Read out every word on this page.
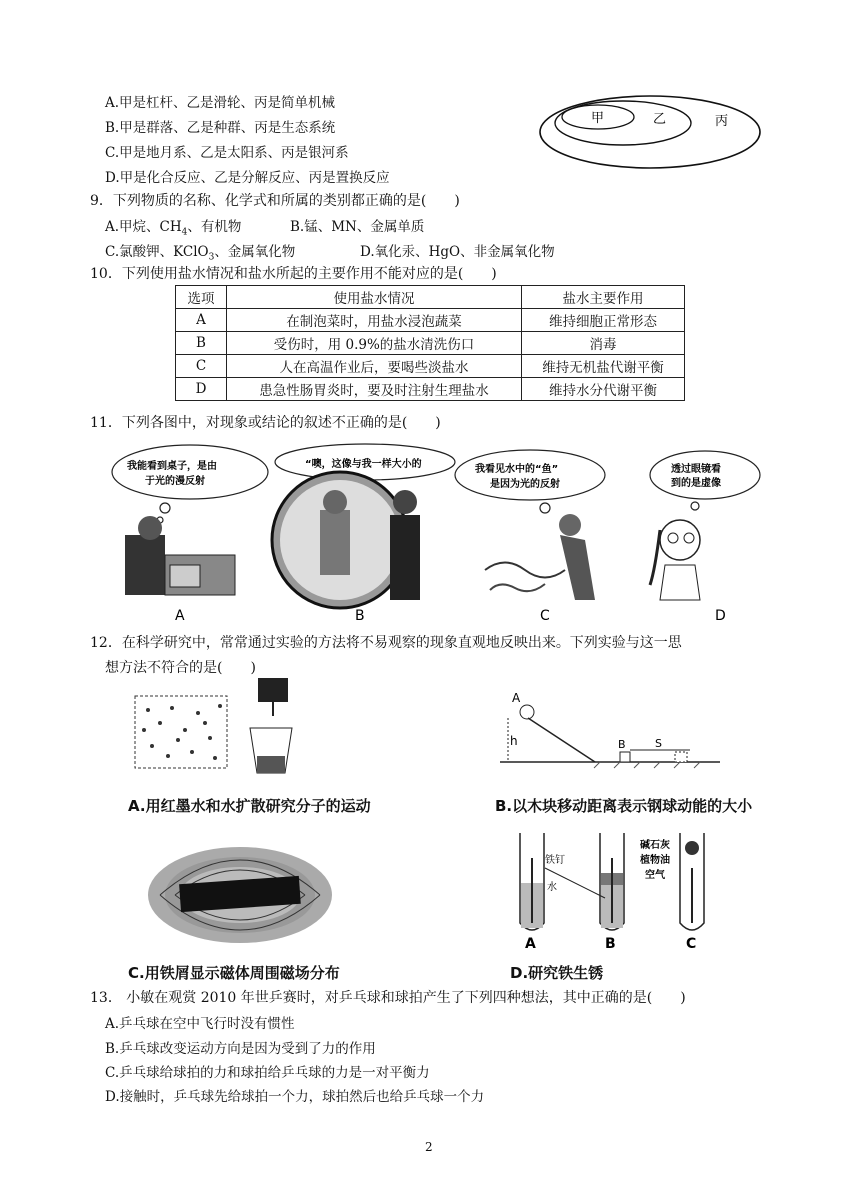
A.甲是杠杆、乙是滑轮、丙是简单机械
B.甲是群落、乙是种群、丙是生态系统
C.甲是地月系、乙是太阳系、丙是银河系
D.甲是化合反应、乙是分解反应、丙是置换反应
甲	乙	丙
9．下列物质的名称、化学式和所属的类别都正确的是(　　)
A.甲烷、$CH_4$、有机物	B.锰、MN、金属单质
C.氯酸钾、KClO$_3$、金属氧化物	D.氧化汞、HgO、非金属氧化物
10．下列使用盐水情况和盐水所起的主要作用不能对应的是(　　)
选项	使用盐水情况	盐水主要作用
A	在制泡菜时，用盐水浸泡蔬菜	维持细胞正常形态
B	受伤时，用 0.9%的盐水清洗伤口	消毒
C	人在高温作业后，要喝些淡盐水	维持无机盐代谢平衡
D	患急性肠胃炎时，要及时注射生理盐水	维持水分代谢平衡
11．下列各图中，对现象或结论的叙述不正确的是(　　)
我能看到桌子，是由
于光的漫反射
A
“噢，这像与我一样大小的
B
我看见水中的“鱼”
是因为光的反射
C
透过眼镜看
到的是虚像
D
12．在科学研究中，常常通过实验的方法将不易观察的现象直观地反映出来。下列实验与这一思
想方法不符合的是(　　)
A.用红墨水和水扩散研究分子的运动
A
h	B	S
B.以木块移动距离表示钢球动能的大小
C.用铁屑显示磁体周围磁场分布
铁钉
水
碱石灰
植物油
空气
A	B	C
D.研究铁生锈
13． 小敏在观赏 2010 年世乒赛时，对乒乓球和球拍产生了下列四种想法，其中正确的是(　　)
A.乒乓球在空中飞行时没有惯性
B.乒乓球改变运动方向是因为受到了力的作用
C.乒乓球给球拍的力和球拍给乒乓球的力是一对平衡力
D.接触时，乒乓球先给球拍一个力，球拍然后也给乒乓球一个力
2
